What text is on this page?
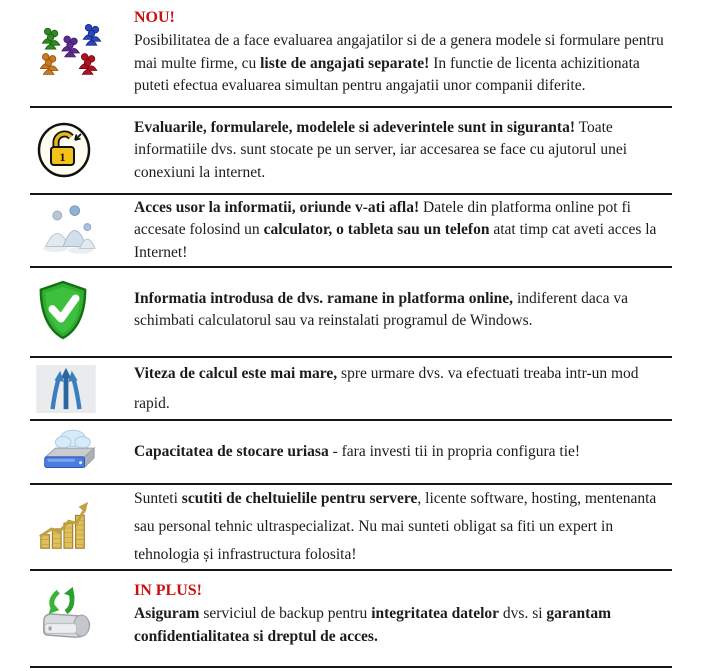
NOU!

Posibilitatea de a face evaluarea angajatilor si de a genera modele si formulare pentru mai multe firme, cu liste de angajati separate! In functie de licenta achizitionata puteti efectua evaluarea simultan pentru angajatii unor companii diferite.
1
Evaluarile, formularele, modelele si adeverintele sunt in siguranta! Toate informatiile dvs. sunt stocate pe un server, iar accesarea se face cu ajutorul unei conexiuni la internet.
Acces usor la informatii, oriunde v-ati afla! Datele din platforma online pot fi accesate folosind un calculator, o tableta sau un telefon atat timp cat aveti acces la Internet!
Informatia introdusa de dvs. ramane in platforma online, indiferent daca va schimbati calculatorul sau va reinstalati programul de Windows.
Viteza de calcul este mai mare, spre urmare dvs. va efectuati treaba intr-un mod rapid.
Capacitatea de stocare uriasa - fara investi tii in propria configura tie!
Sunteti scutiti de cheltuielile pentru servere, licente software, hosting, mentenanta sau personal tehnic ultraspecializat. Nu mai sunteti obligat sa fiti un expert in tehnologia și infrastructura folosita!

IN PLUS!

Asiguram serviciul de backup pentru integritatea datelor dvs. si garantam confidentialitatea si dreptul de acces.
